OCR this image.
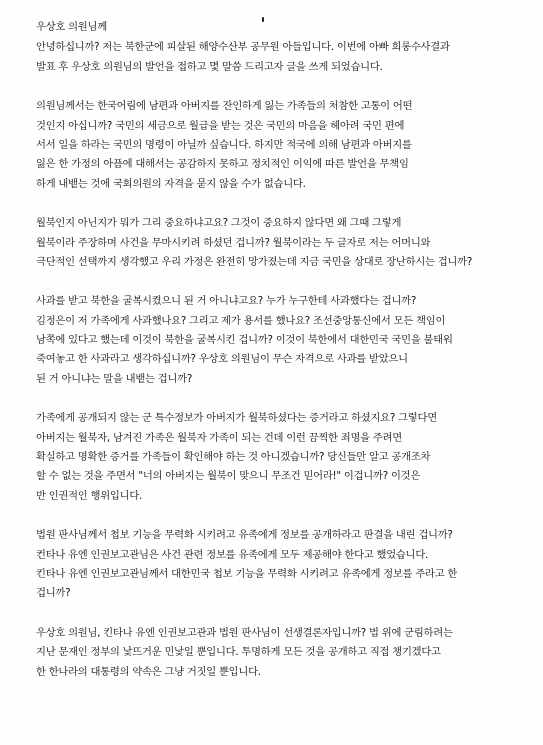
우상호 의원님께
안녕하십니까? 저는 북한군에 피살된 해양수산부 공무원 아들입니다. 이번에 아빠 희롱수사결과
발표 후 우상호 의원님의 발언을 접하고 몇 말씀 드리고자 글을 쓰게 되었습니다.
의원님께서는 한국어림에 남편과 아버지를 잔인하게 잃는 가족들의 처참한 고통이 어떤
것인지 아십니까? 국민의 세금으로 월급을 받는 것은 국민의 마음을 헤아려 국민 편에
서서 일을 하라는 국민의 명령이 아닐까 싶습니다. 하지만 적국에 의해 남편과 아버지를
잃은 한 가정의 아픔에 대해서는 공감하지 못하고 정치적인 이익에 따른 발언을 무책임
하게 내뱉는 것에 국회의원의 자격을 묻지 않을 수가 없습니다.
월북인지 아닌지가 뭐가 그리 중요하냐고요? 그것이 중요하지 않다면 왜 그때 그렇게
월북이라 주장하며 사건을 무마시키려 하셨던 겁니까? 월북이라는 두 글자로 저는 어머니와
극단적인 선택까지 생각했고 우리 가정은 완전히 망가졌는데 지금 국민을 상대로 장난하시는 겁니까?
사과를 받고 북한을 굴복시켰으니 된 거 아니냐고요? 누가 누구한테 사과했다는 겁니까?
김정은이 저 가족에게 사과했나요? 그리고 제가 용서를 했나요? 조선중앙통신에서 모든 책임이
남쪽에 있다고 했는데 이것이 북한을 굴복시킨 겁니까? 이것이 북한에서 대한민국 국민을 불태워
죽여놓고 한 사과라고 생각하십니까? 우상호 의원님이 무슨 자격으로 사과를 받았으니
된 거 아니냐는 말을 내뱉는 겁니까?
가족에게 공개되지 않는 군 특수정보가 아버지가 월북하셨다는 증거라고 하셨지요? 그렇다면
아버지는 월북자, 남겨진 가족은 월북자 가족이 되는 건데 이런 끔찍한 죄명을 주려면
확실하고 명확한 증거를 가족들이 확인해야 하는 것 아니겠습니까? 당신들만 알고 공개조차
할 수 없는 것을 주면서 "너의 아버지는 월북이 맞으니 무조건 믿어라!" 이겁니까? 이것은
반 인권적인 행위입니다.
법원 판사님께서 첩보 기능을 무력화 시키려고 유족에게 정보를 공개하라고 판결을 내린 겁니까?
컨타나 유엔 인권보고관님은 사건 관련 정보를 유족에게 모두 제공해야 한다고 했었습니다.
킨타나 유엔 인권보고관님께서 대한민국 첩보 기능을 무력화 시키려고 유족에게 정보를 주라고 한
겁니까?
우상호 의원님, 킨타나 유엔 인권보고관과 법원 판사님이 선생결론자입니까? 법 위에 군림하려는
지난 문재인 정부의 낯뜨거운 민낯일 뿐입니다. 투명하게 모든 것을 공개하고 직접 챙기겠다고
한 한나라의 대통령의 약속은 그냥 거짓일 뿐입니다.
